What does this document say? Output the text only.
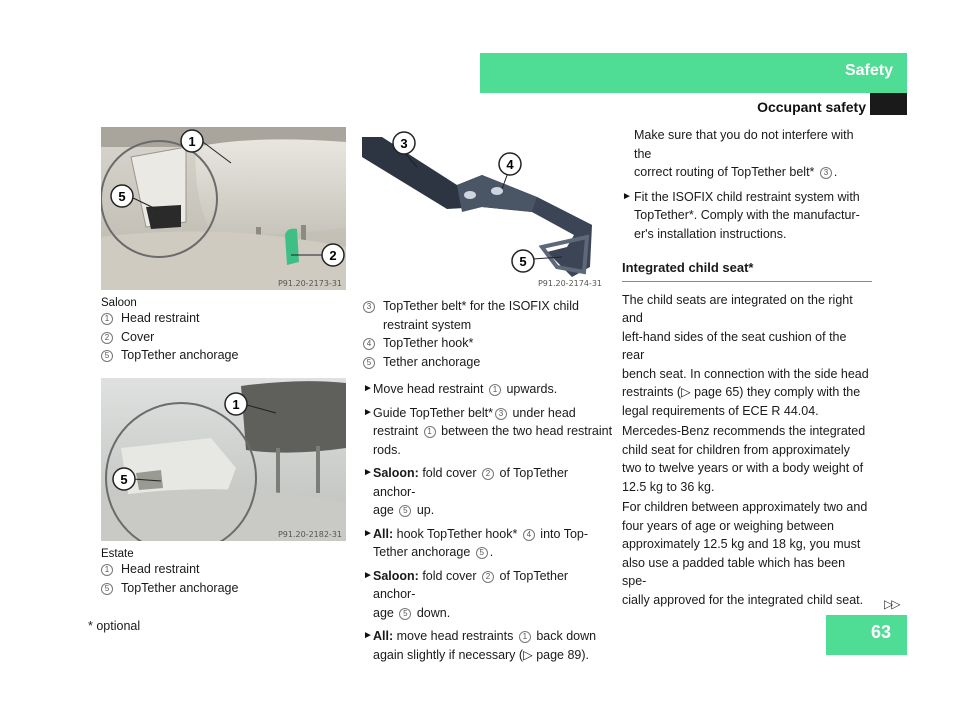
Safety
Occupant safety
1
5
2
P91.20-2173-31
3
4
5
P91.20-2174-31
1
5
P91.20-2182-31
Saloon
1 Head restraint
2 Cover
5 TopTether anchorage
Estate
1 Head restraint
5 TopTether anchorage
3 TopTether belt* for the ISOFIX child
restraint system
4 TopTether hook*
5 Tether anchorage
► Move head restraint 1 upwards.
► Guide TopTether belt* 3 under head
restraint 1 between the two head restraint
rods.
► Saloon: fold cover 2 of TopTether anchor-
age 5 up.
► All: hook TopTether hook* 4 into Top-
Tether anchorage 5 .
► Saloon: fold cover 2 of TopTether anchor-
age 5 down.
► All: move head restraints 1 back down
again slightly if necessary (▷ page 89).
Make sure that you do not interfere with the
correct routing of TopTether belt* 3 .
► Fit the ISOFIX child restraint system with
TopTether*. Comply with the manufactur-
er's installation instructions.
Integrated child seat*
The child seats are integrated on the right and
left-hand sides of the seat cushion of the rear
bench seat. In connection with the side head
restraints (▷ page 65) they comply with the
legal requirements of ECE R 44.04.
Mercedes-Benz recommends the integrated
child seat for children from approximately
two to twelve years or with a body weight of
12.5 kg to 36 kg.
For children between approximately two and
four years of age or weighing between
approximately 12.5 kg and 18 kg, you must
also use a padded table which has been spe-
cially approved for the integrated child seat.	▷▷
* optional	63
